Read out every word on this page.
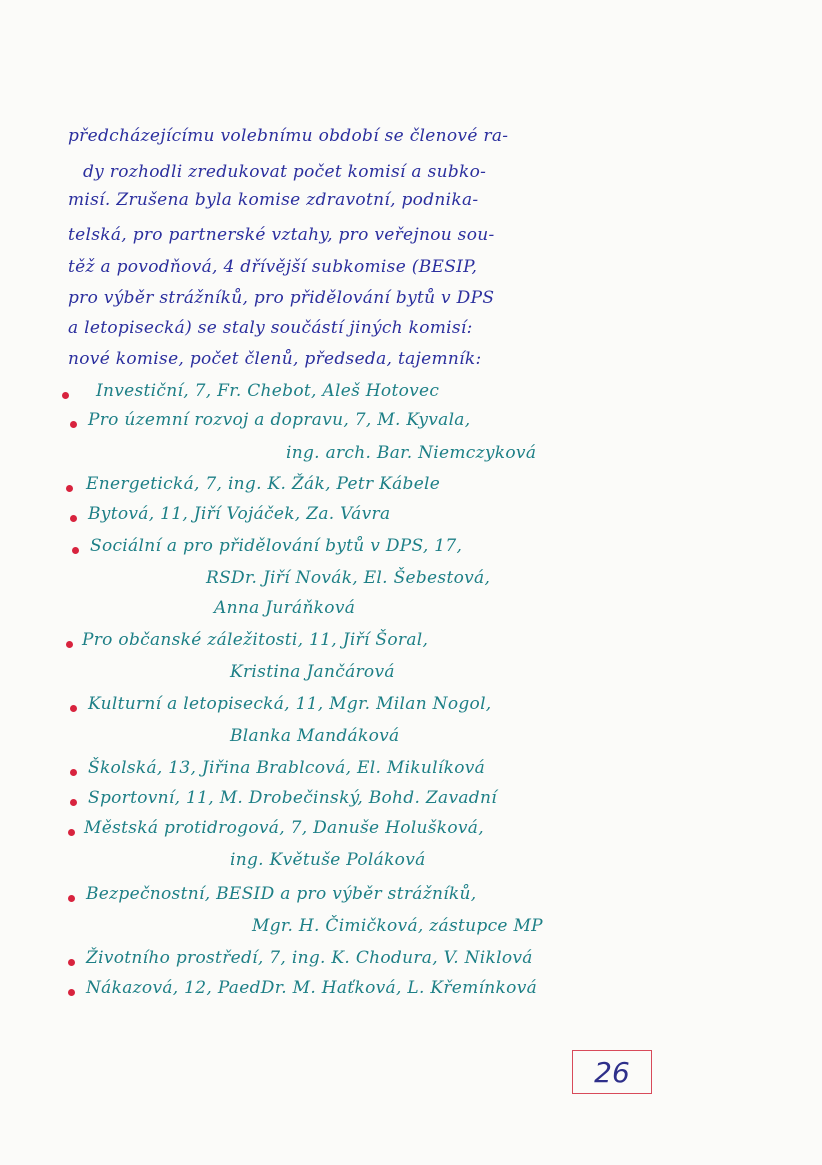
předcházejícímu volebnímu období se členové ra-
dy rozhodli zredukovat počet komisí a subko-
misí. Zrušena byla komise zdravotní, podnika-
telská, pro partnerské vztahy, pro veřejnou sou-
těž a povodňová, 4 dřívější subkomise (BESIP,
pro výběr strážníků, pro přidělování bytů v DPS
a letopisecká) se staly součástí jiných komisí:
nové komise, počet členů, předseda, tajemník:
Investiční, 7, Fr. Chebot, Aleš Hotovec
Pro územní rozvoj a dopravu, 7, M. Kyvala,
ing. arch. Bar. Niemczyková
Energetická, 7, ing. K. Žák, Petr Kábele
Bytová, 11, Jiří Vojáček, Za. Vávra
Sociální a pro přidělování bytů v DPS, 17,
RSDr. Jiří Novák, El. Šebestová,
Anna Juráňková
Pro občanské záležitosti, 11, Jiří Šoral,
Kristina Jančárová
Kulturní a letopisecká, 11, Mgr. Milan Nogol,
Blanka Mandáková
Školská, 13, Jiřina Brablcová, El. Mikulíková
Sportovní, 11, M. Drobečinský, Bohd. Zavadní
Městská protidrogová, 7, Danuše Holušková,
ing. Květuše Poláková
Bezpečnostní, BESID a pro výběr strážníků,
Mgr. H. Čimičková, zástupce MP
Životního prostředí, 7, ing. K. Chodura, V. Niklová
Nákazová, 12, PaedDr. M. Haťková, L. Křemínková
26
